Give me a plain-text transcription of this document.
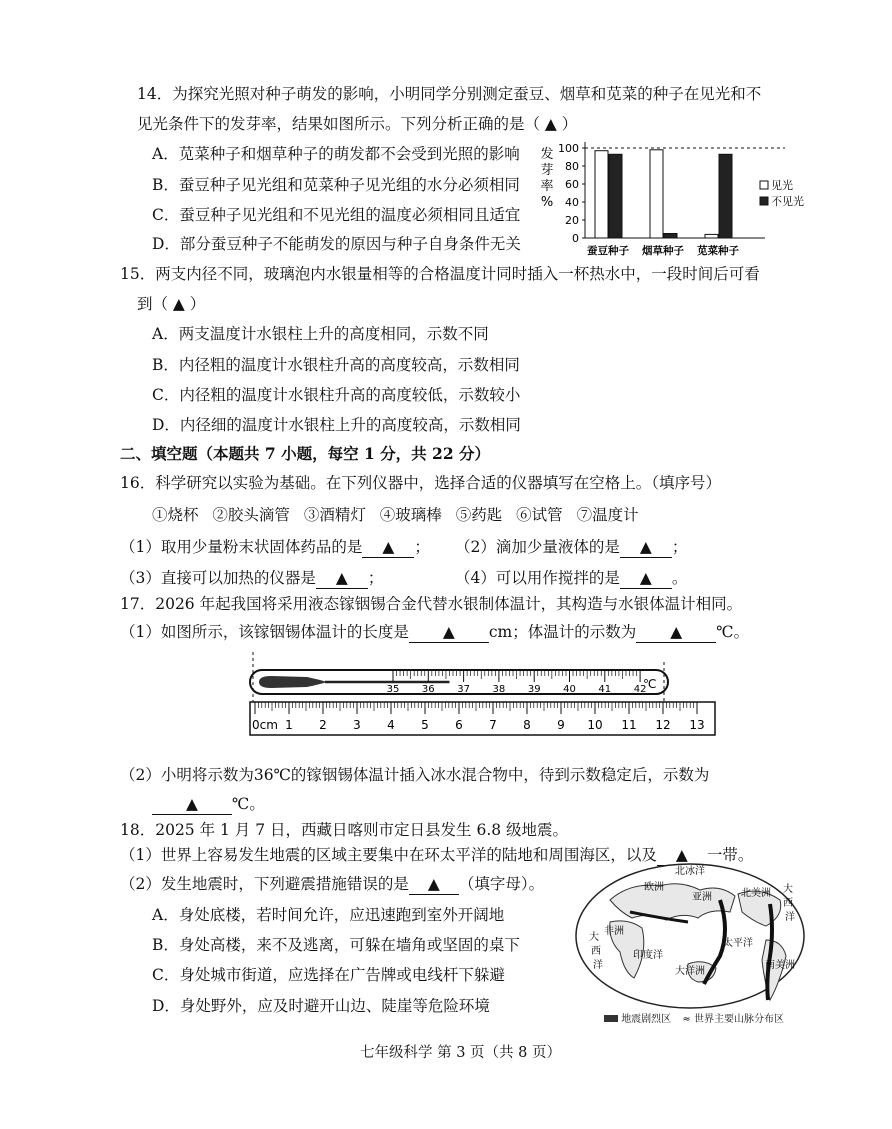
14．为探究光照对种子萌发的影响，小明同学分别测定蚕豆、烟草和苋菜的种子在见光和不
见光条件下的发芽率，结果如图所示。下列分析正确的是（ ▲ ）
A．苋菜种子和烟草种子的萌发都不会受到光照的影响
B．蚕豆种子见光组和苋菜种子见光组的水分必须相同
C．蚕豆种子见光组和不见光组的温度必须相同且适宜
D．部分蚕豆种子不能萌发的原因与种子自身条件无关
发
芽
率
%
0
20
40
60
80
100
蚕豆种子 烟草种子 苋菜种子
见光
不见光
15．两支内径不同，玻璃泡内水银量相等的合格温度计同时插入一杯热水中，一段时间后可看
到（ ▲ ）
A．两支温度计水银柱上升的高度相同，示数不同
B．内径粗的温度计水银柱升高的高度较高，示数相同
C．内径粗的温度计水银柱升高的高度较低，示数较小
D．内径细的温度计水银柱上升的高度较高，示数相同
二、填空题（本题共 7 小题，每空 1 分，共 22 分）
16．科学研究以实验为基础。在下列仪器中，选择合适的仪器填写在空格上。（填序号）
①烧杯 ②胶头滴管 ③酒精灯 ④玻璃棒 ⑤药匙 ⑥试管 ⑦温度计
（1）取用少量粉末状固体药品的是 ▲ ； （2）滴加少量液体的是 ▲ ；
（3）直接可以加热的仪器是 ▲ ；	（4）可以用作搅拌的是 ▲ 。
17．2026 年起我国将采用液态镓铟锡合金代替水银制体温计，其构造与水银体温计相同。
（1）如图所示，该镓铟锡体温计的长度是 ▲ cm；体温计的示数为 ▲ ℃。
35 36 37 38 39 40 41 42
℃
0cm 1 2 3 4 5 6 7 8 9 10 11 12 13
（2）小明将示数为36℃的镓铟锡体温计插入冰水混合物中，待到示数稳定后，示数为
▲ ℃。
18．2025 年 1 月 7 日，西藏日喀则市定日县发生 6.8 级地震。
（1）世界上容易发生地震的区域主要集中在环太平洋的陆地和周围海区，以及 ▲ 一带。
（2）发生地震时，下列避震措施错误的是 ▲ （填字母）。
A．身处底楼，若时间允许，应迅速跑到室外开阔地
B．身处高楼，来不及逃离，可躲在墙角或坚固的桌下
C．身处城市街道，应选择在广告牌或电线杆下躲避
D．身处野外，应及时避开山边、陡崖等危险环境
北冰洋
欧洲
亚洲	北美洲 大
西
洋
非洲
印度洋
太平洋
大洋洲
南美洲
大
西
洋
地震剧烈区 ≈ 世界主要山脉分布区
七年级科学 第 3 页（共 8 页）
